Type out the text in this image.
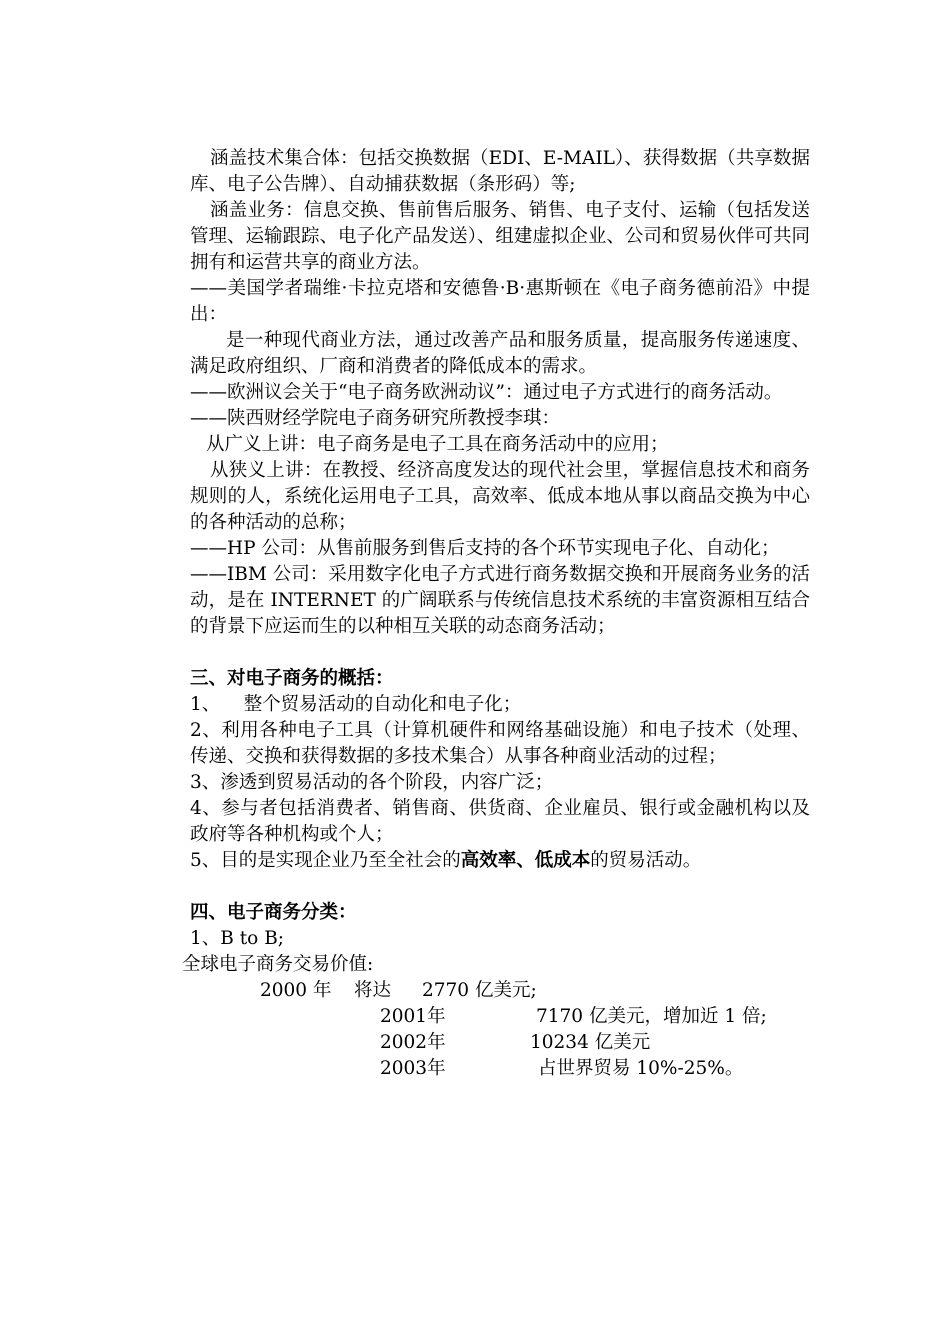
涵盖技术集合体：包括交换数据（EDI、E-MAIL）、获得数据（共享数据库、电子公告牌）、自动捕获数据（条形码）等;

涵盖业务：信息交换、售前售后服务、销售、电子支付、运输（包括发送管理、运输跟踪、电子化产品发送）、组建虚拟企业、公司和贸易伙伴可共同拥有和运营共享的商业方法。

——美国学者瑞维·卡拉克塔和安德鲁·B·惠斯顿在《电子商务德前沿》中提出：

是一种现代商业方法，通过改善产品和服务质量，提高服务传递速度、满足政府组织、厂商和消费者的降低成本的需求。

——欧洲议会关于“电子商务欧洲动议”：通过电子方式进行的商务活动。

——陕西财经学院电子商务研究所教授李琪：

从广义上讲：电子商务是电子工具在商务活动中的应用；

从狭义上讲：在教授、经济高度发达的现代社会里，掌握信息技术和商务规则的人，系统化运用电子工具，高效率、低成本地从事以商品交换为中心的各种活动的总称；

——HP 公司：从售前服务到售后支持的各个环节实现电子化、自动化；

——IBM 公司：采用数字化电子方式进行商务数据交换和开展商务业务的活动，是在 INTERNET 的广阔联系与传统信息技术系统的丰富资源相互结合的背景下应运而生的以种相互关联的动态商务活动；

三、对电子商务的概括：

1、    整个贸易活动的自动化和电子化；

2、利用各种电子工具（计算机硬件和网络基础设施）和电子技术（处理、传递、交换和获得数据的多技术集合）从事各种商业活动的过程；

3、渗透到贸易活动的各个阶段，内容广泛；

4、参与者包括消费者、销售商、供货商、企业雇员、银行或金融机构以及政府等各种机构或个人；

5、目的是实现企业乃至全社会的高效率、低成本的贸易活动。

四、电子商务分类：

1、B to B;

全球电子商务交易价值:

2000 年 将达 2770 亿美元;
2001年	7170 亿美元，增加近 1 倍;
2002年	10234 亿美元
2003年	占世界贸易 10%-25%。
